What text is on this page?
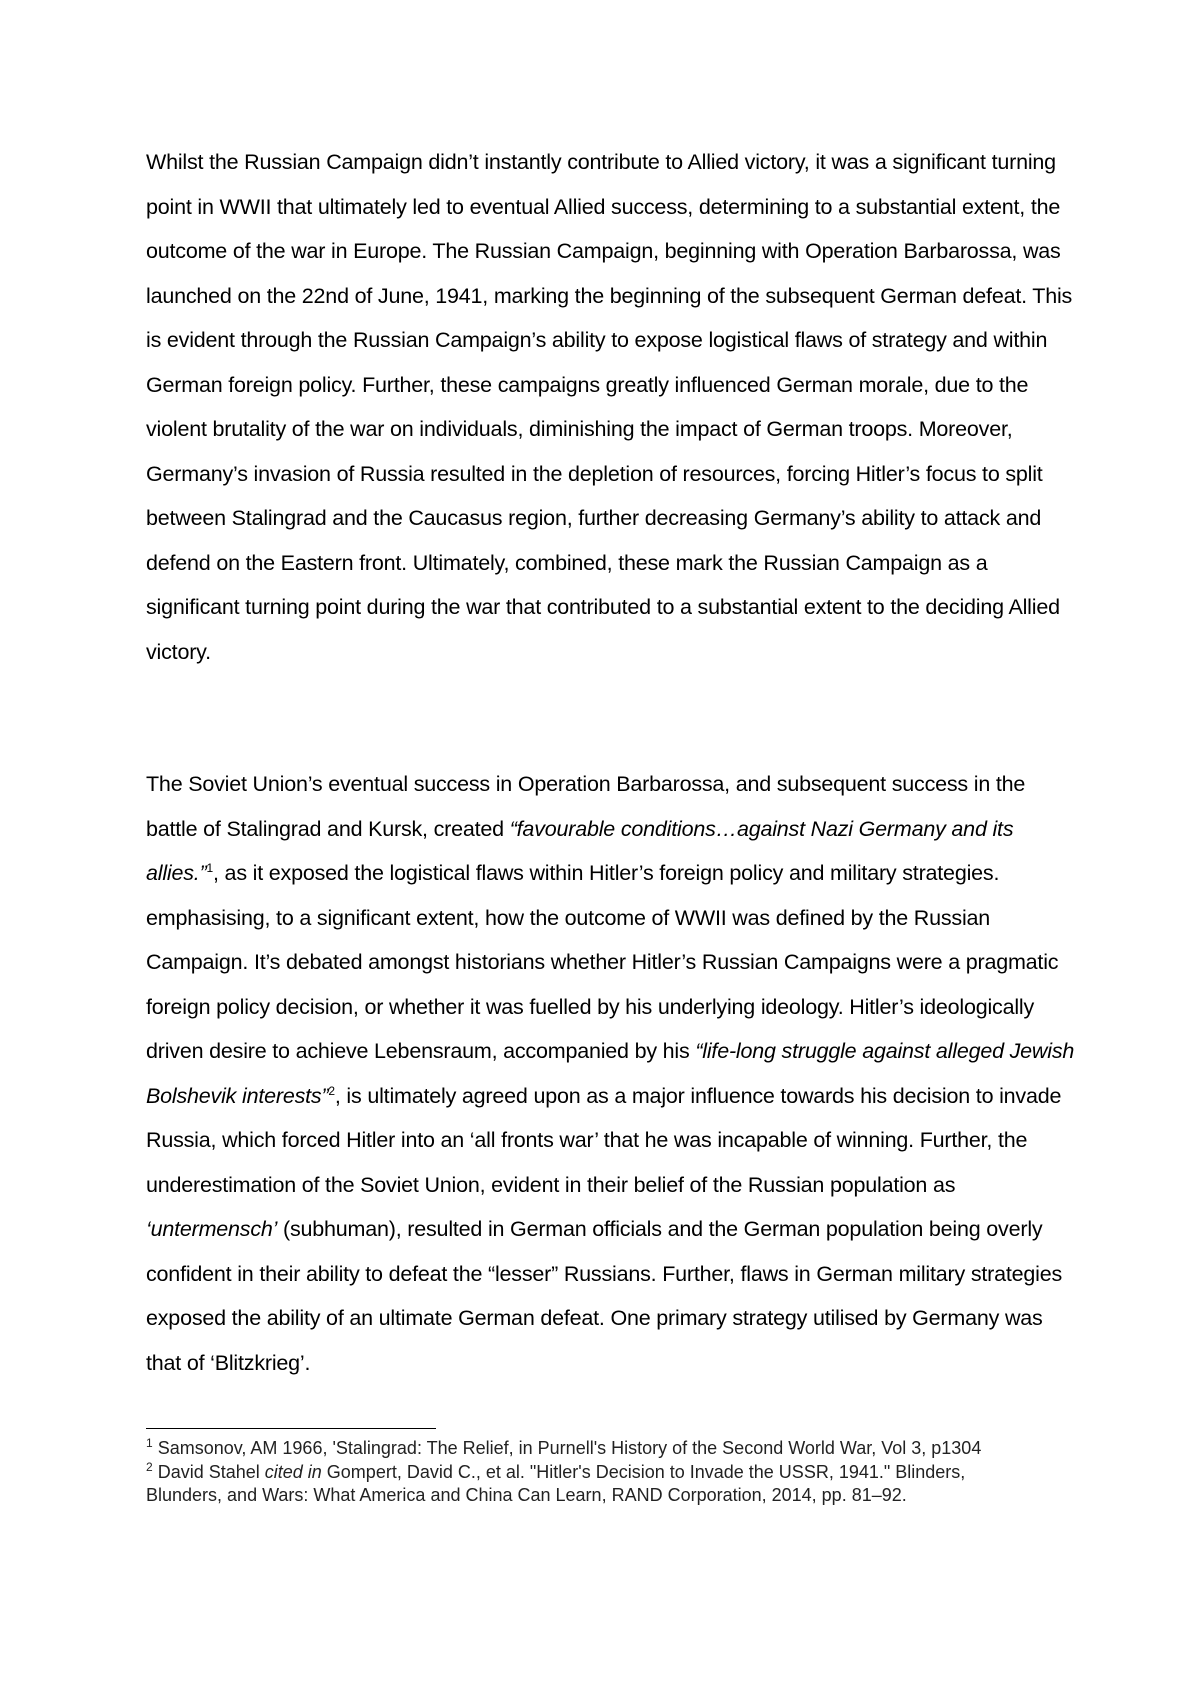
Whilst the Russian Campaign didn’t instantly contribute to Allied victory, it was a significant turning point in WWII that ultimately led to eventual Allied success, determining to a substantial extent, the outcome of the war in Europe. The Russian Campaign, beginning with Operation Barbarossa, was launched on the 22nd of June, 1941, marking the beginning of the subsequent German defeat. This is evident through the Russian Campaign’s ability to expose logistical flaws of strategy and within German foreign policy. Further, these campaigns greatly influenced German morale, due to the violent brutality of the war on individuals, diminishing the impact of German troops. Moreover, Germany’s invasion of Russia resulted in the depletion of resources, forcing Hitler’s focus to split between Stalingrad and the Caucasus region, further decreasing Germany’s ability to attack and defend on the Eastern front. Ultimately, combined, these mark the Russian Campaign as a significant turning point during the war that contributed to a substantial extent to the deciding Allied victory.

The Soviet Union’s eventual success in Operation Barbarossa, and subsequent success in the battle of Stalingrad and Kursk, created “favourable conditions…against Nazi Germany and its allies.”$^1$, as it exposed the logistical flaws within Hitler’s foreign policy and military strategies. emphasising, to a significant extent, how the outcome of WWII was defined by the Russian Campaign. It’s debated amongst historians whether Hitler’s Russian Campaigns were a pragmatic foreign policy decision, or whether it was fuelled by his underlying ideology. Hitler’s ideologically driven desire to achieve Lebensraum, accompanied by his “life-long struggle against alleged Jewish Bolshevik interests”$^2$, is ultimately agreed upon as a major influence towards his decision to invade Russia, which forced Hitler into an ‘all fronts war’ that he was incapable of winning. Further, the underestimation of the Soviet Union, evident in their belief of the Russian population as ‘untermensch’ (subhuman), resulted in German officials and the German population being overly confident in their ability to defeat the “lesser” Russians. Further, flaws in German military strategies exposed the ability of an ultimate German defeat. One primary strategy utilised by Germany was that of ‘Blitzkrieg’.

$^1$ Samsonov, AM 1966, 'Stalingrad: The Relief, in Purnell's History of the Second World War, Vol 3, p1304

$^2$ David Stahel cited in Gompert, David C., et al. "Hitler's Decision to Invade the USSR, 1941." Blinders, Blunders, and Wars: What America and China Can Learn, RAND Corporation, 2014, pp. 81–92.
